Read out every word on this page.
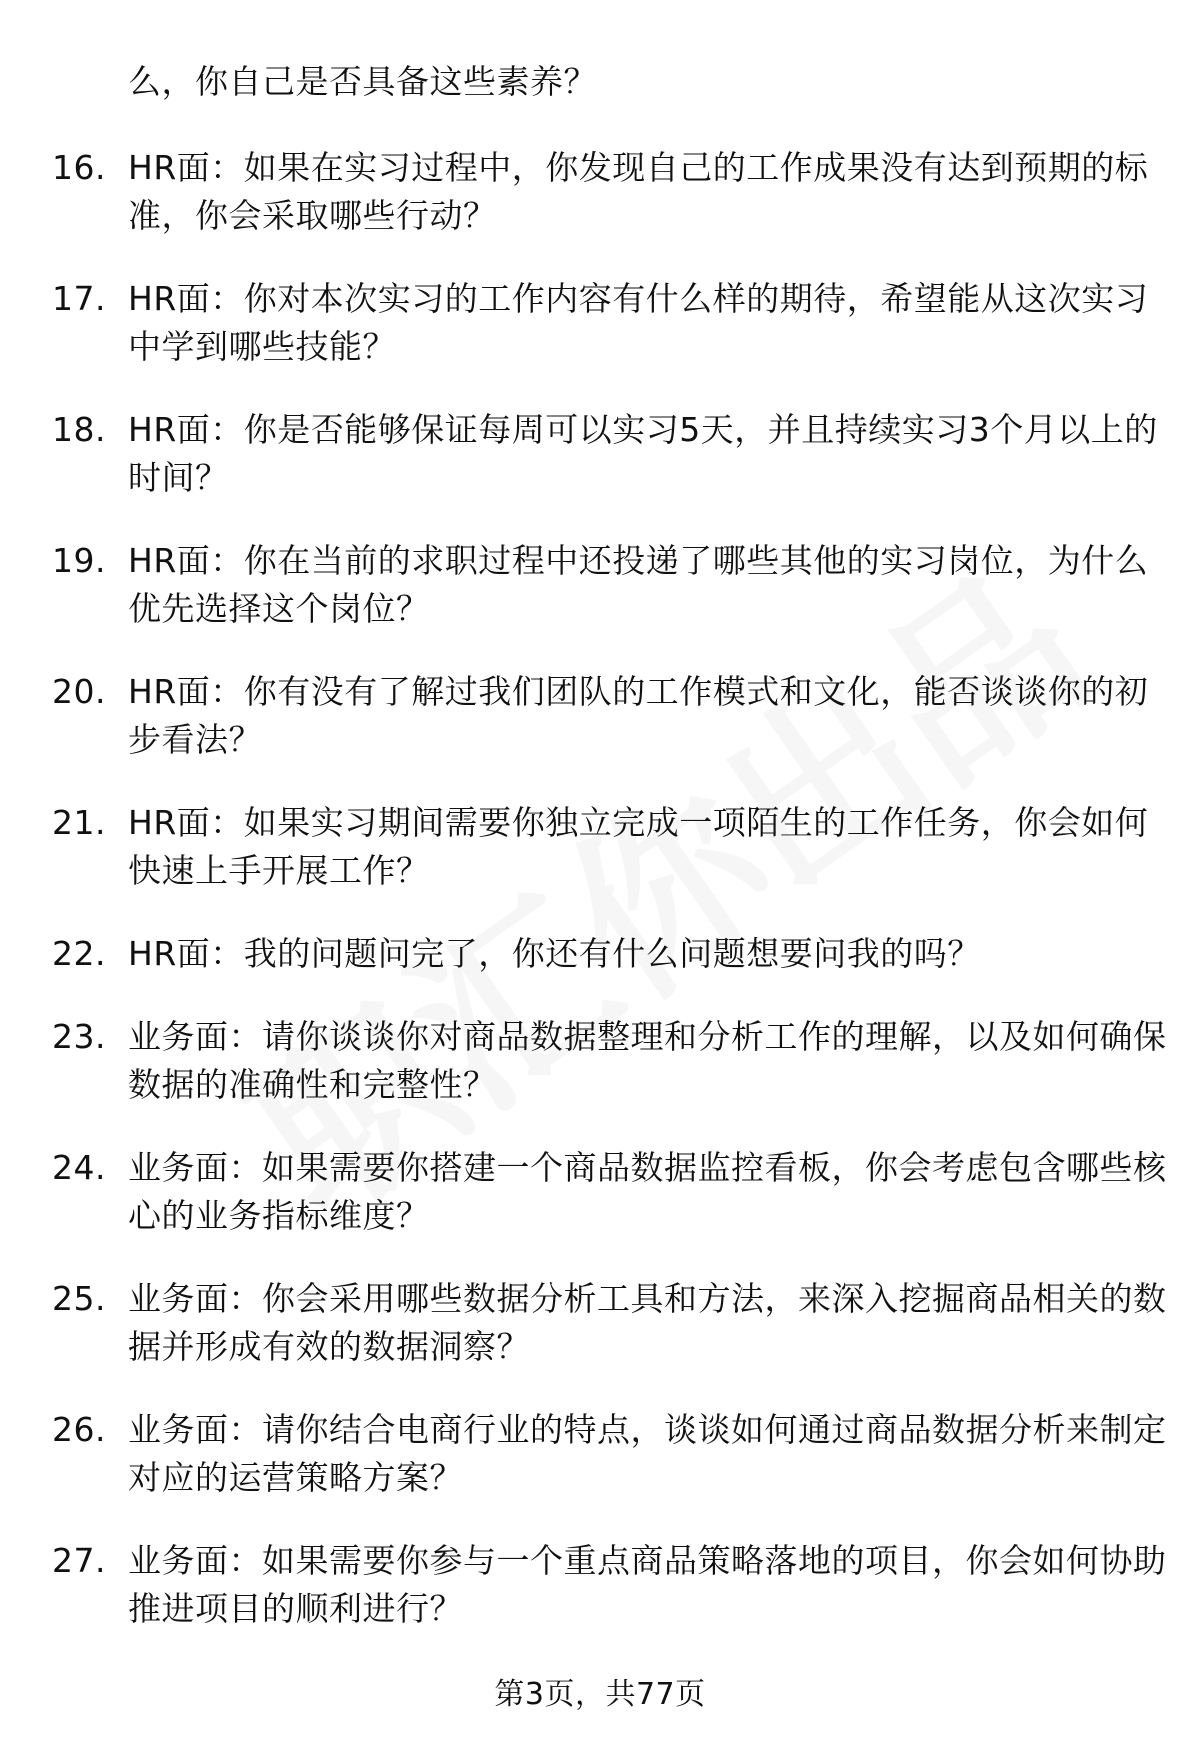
么，你自己是否具备这些素养？
16. HR面：如果在实习过程中，你发现自己的工作成果没有达到预期的标准，你会采取哪些行动？
17. HR面：你对本次实习的工作内容有什么样的期待，希望能从这次实习中学到哪些技能？
18. HR面：你是否能够保证每周可以实习5天，并且持续实习3个月以上的时间？
19. HR面：你在当前的求职过程中还投递了哪些其他的实习岗位，为什么优先选择这个岗位？
20. HR面：你有没有了解过我们团队的工作模式和文化，能否谈谈你的初步看法？
21. HR面：如果实习期间需要你独立完成一项陌生的工作任务，你会如何快速上手开展工作？
22. HR面：我的问题问完了，你还有什么问题想要问我的吗？
23. 业务面：请你谈谈你对商品数据整理和分析工作的理解，以及如何确保数据的准确性和完整性？
24. 业务面：如果需要你搭建一个商品数据监控看板，你会考虑包含哪些核心的业务指标维度？
25. 业务面：你会采用哪些数据分析工具和方法，来深入挖掘商品相关的数据并形成有效的数据洞察？
26. 业务面：请你结合电商行业的特点，谈谈如何通过商品数据分析来制定对应的运营策略方案？
27. 业务面：如果需要你参与一个重点商品策略落地的项目，你会如何协助推进项目的顺利进行？
第3页，共77页
